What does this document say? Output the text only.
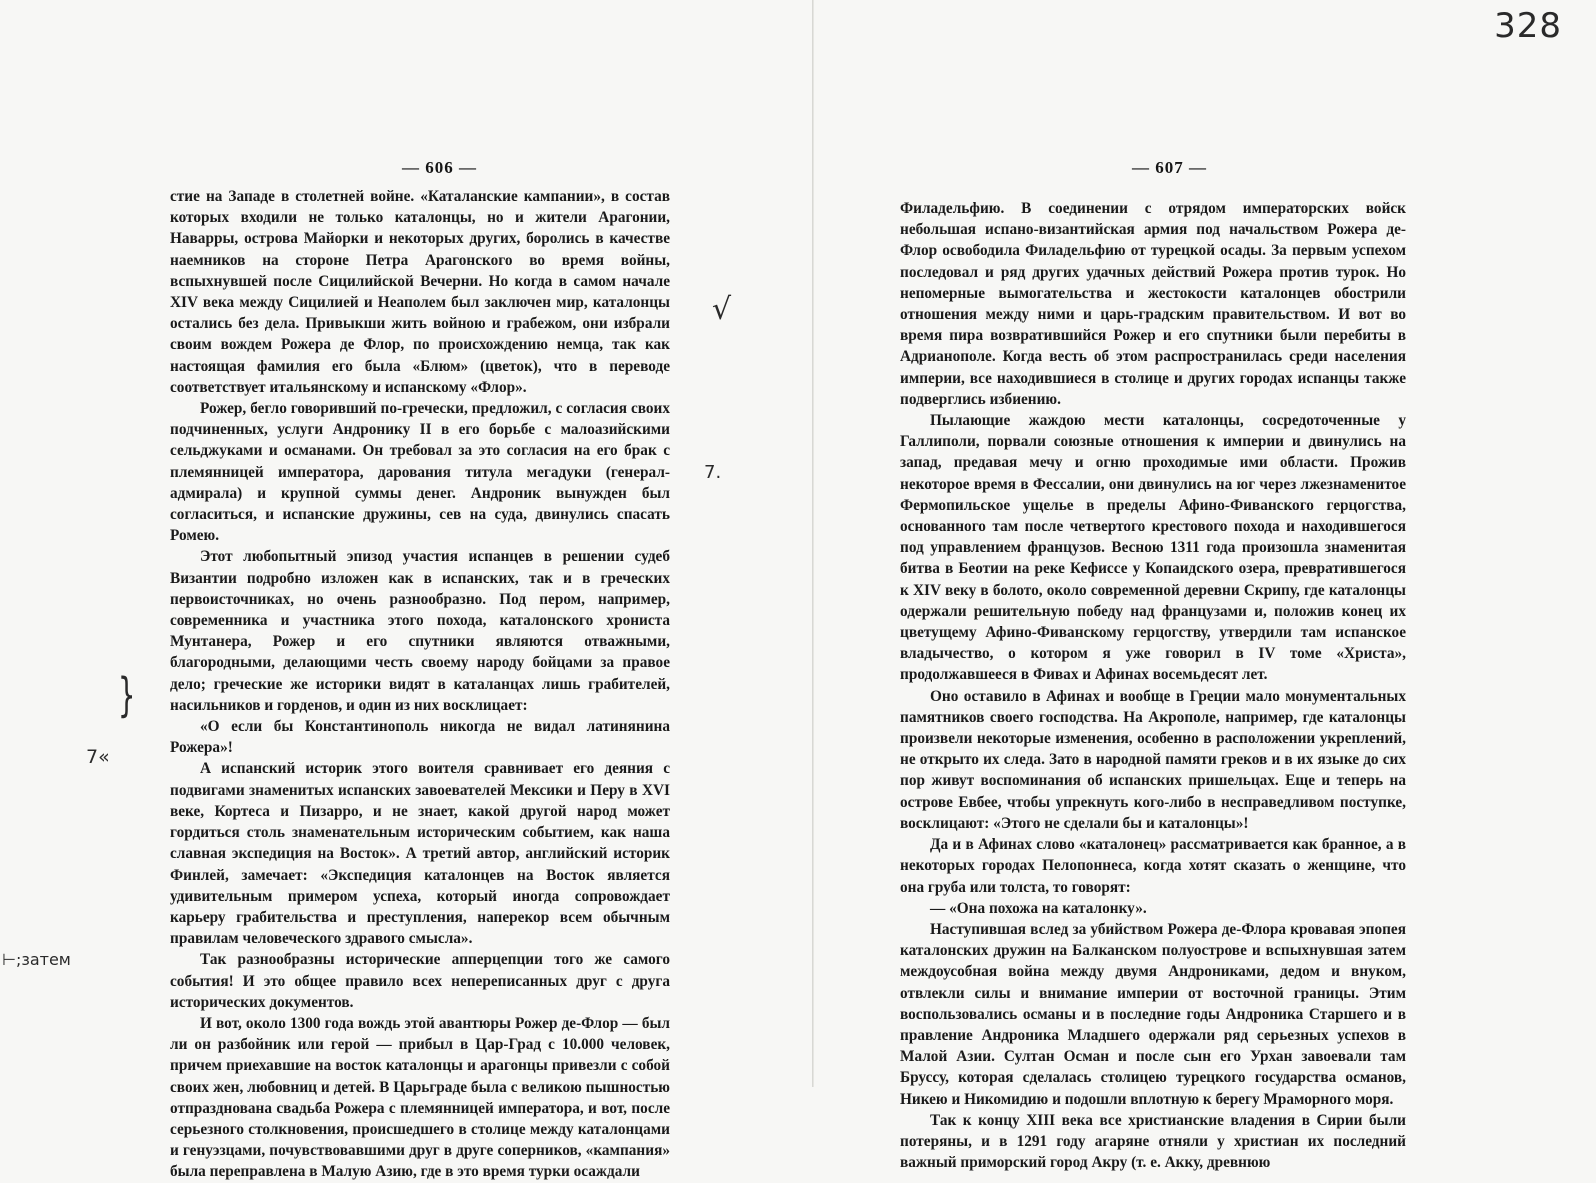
— 606 —

стие на Западе в столетней войне. «Каталанские кампании», в состав которых входили не только каталонцы, но и жители Арагонии, Наварры, острова Майорки и некоторых других, боролись в качестве наемников на стороне Петра Арагонского во время войны, вспыхнувшей после Сицилийской Вечерни. Но когда в самом начале XIV века между Сицилией и Неаполем был заключен мир, каталонцы остались без дела. Привыкши жить войною и грабежом, они избрали своим вождем Рожера де Флор, по происхождению немца, так как настоящая фамилия его была «Блюм» (цветок), что в переводе соответствует итальянскому и испанскому «Флор».

Рожер, бегло говоривший по-гречески, предложил, с согласия своих подчиненных, услуги Андронику II в его борьбе с малоазийскими сельджуками и османами. Он требовал за это согласия на его брак с племянницей императора, дарования титула мегадуки (генерал-адмирала) и крупной суммы денег. Андроник вынужден был согласиться, и испанские дружины, сев на суда, двинулись спасать Ромею.

Этот любопытный эпизод участия испанцев в решении судеб Византии подробно изложен как в испанских, так и в греческих первоисточниках, но очень разнообразно. Под пером, например, современника и участника этого похода, каталонского хрониста Мунтанера, Рожер и его спутники являются отважными, благородными, делающими честь своему народу бойцами за правое дело; греческие же историки видят в каталанцах лишь грабителей, насильников и горденов, и один из них восклицает:

«О если бы Константинополь никогда не видал латинянина Рожера»!

А испанский историк этого воителя сравнивает его деяния с подвигами знаменитых испанских завоевателей Мексики и Перу в XVI веке, Кортеса и Пизарро, и не знает, какой другой народ может гордиться столь знаменательным историческим событием, как наша славная экспедиция на Восток». А третий автор, английский историк Финлей, замечает: «Экспедиция каталонцев на Восток является удивительным примером успеха, который иногда сопровождает карьеру грабительства и преступления, наперекор всем обычным правилам человеческого здравого смысла».

Так разнообразны исторические апперцепции того же самого события! И это общее правило всех непереписанных друг с друга исторических документов.

И вот, около 1300 года вождь этой авантюры Рожер де-Флор — был ли он разбойник или герой — прибыл в Цар-Град с 10.000 человек, причем приехавшие на восток каталонцы и арагонцы привезли с собой своих жен, любовниц и детей. В Царьграде была с великою пышностью отпразднована свадьба Рожера с племянницей императора, и вот, после серьезного столкновения, происшедшего в столице между каталонцами и генуэзцами, почувствовавшими друг в друге соперников, «кампания» была переправлена в Малую Азию, где в это время турки осаждали

— 607 —

Филадельфию. В соединении с отрядом императорских войск небольшая испано-византийская армия под начальством Рожера де-Флор освободила Филадельфию от турецкой осады. За первым успехом последовал и ряд других удачных действий Рожера против турок. Но непомерные вымогательства и жестокости каталонцев обострили отношения между ними и царь-градским правительством. И вот во время пира возвратившийся Рожер и его спутники были перебиты в Адрианополе. Когда весть об этом распространилась среди населения империи, все находившиеся в столице и других городах испанцы также подверглись избиению.

Пылающие жаждою мести каталонцы, сосредоточенные у Галлиполи, порвали союзные отношения к империи и двинулись на запад, предавая мечу и огню проходимые ими области. Прожив некоторое время в Фессалии, они двинулись на юг через лжезнаменитое Фермопильское ущелье в пределы Афино-Фиванского герцогства, основанного там после четвертого крестового похода и находившегося под управлением французов. Весною 1311 года произошла знаменитая битва в Беотии на реке Кефиссе у Копаидского озера, превратившегося к XIV веку в болото, около современной деревни Скрипу, где каталонцы одержали решительную победу над французами и, положив конец их цветущему Афино-Фиванскому герцогству, утвердили там испанское владычество, о котором я уже говорил в IV томе «Христа», продолжавшееся в Фивах и Афинах восемьдесят лет.

Оно оставило в Афинах и вообще в Греции мало монументальных памятников своего господства. На Акрополе, например, где каталонцы произвели некоторые изменения, особенно в расположении укреплений, не открыто их следа. Зато в народной памяти греков и в их языке до сих пор живут воспоминания об испанских пришельцах. Еще и теперь на острове Евбее, чтобы упрекнуть кого-либо в несправедливом поступке, восклицают: «Этого не сделали бы и каталонцы»!

Да и в Афинах слово «каталонец» рассматривается как бранное, а в некоторых городах Пелопоннеса, когда хотят сказать о женщине, что она груба или толста, то говорят:

— «Она похожа на каталонку».

Наступившая вслед за убийством Рожера де-Флора кровавая эпопея каталонских дружин на Балканском полуострове и вспыхнувшая затем междоусобная война между двумя Андрониками, дедом и внуком, отвлекли силы и внимание империи от восточной границы. Этим воспользовались османы и в последние годы Андроника Старшего и в правление Андроника Младшего одержали ряд серьезных успехов в Малой Азии. Султан Осман и после сын его Урхан завоевали там Бруссу, которая сделалась столицею турецкого государства османов, Никею и Никомидию и подошли вплотную к берегу Мраморного моря.

Так к концу XIII века все христианские владения в Сирии были потеряны, и в 1291 году агаряне отняли у христиан их последний важный приморский город Акру (т. е. Акку, древнюю

328
√
7.
}
7«
⊢;затем
